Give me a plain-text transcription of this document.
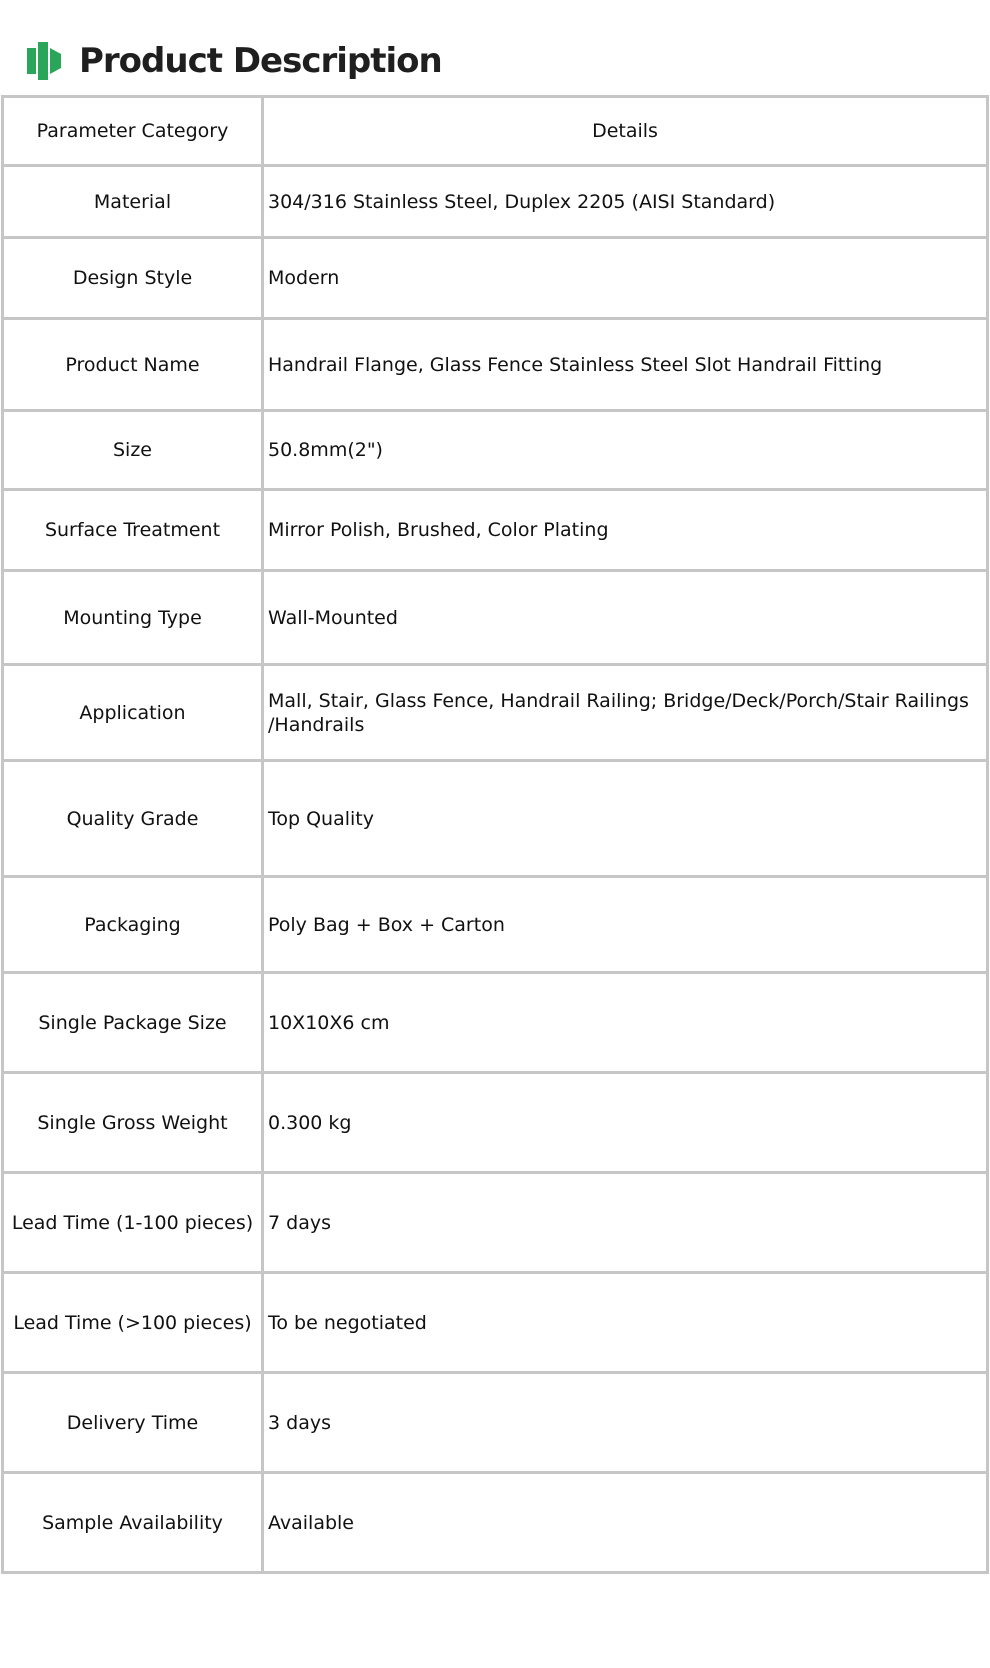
Product Description
Parameter Category	Details
Material	304/316 Stainless Steel, Duplex 2205 (AISI Standard)
Design Style	Modern
Product Name	Handrail Flange, Glass Fence Stainless Steel Slot Handrail Fitting
Size	50.8mm(2")
Surface Treatment	Mirror Polish, Brushed, Color Plating
Mounting Type	Wall-Mounted
Application	Mall, Stair, Glass Fence, Handrail Railing; Bridge/Deck/Porch/Stair Railings /Handrails
Quality Grade	Top Quality
Packaging	Poly Bag + Box + Carton
Single Package Size	10X10X6 cm
Single Gross Weight	0.300 kg
Lead Time (1-100 pieces)	7 days
Lead Time (>100 pieces)	To be negotiated
Delivery Time	3 days
Sample Availability	Available
